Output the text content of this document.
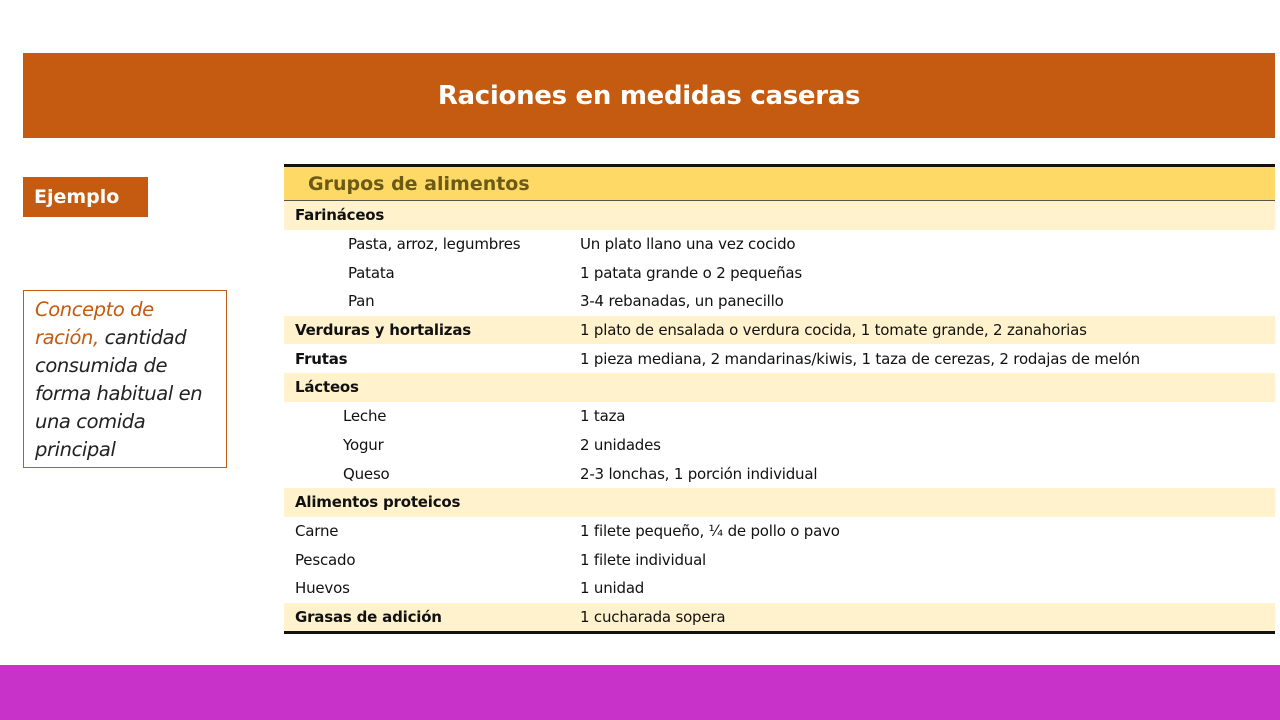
Raciones en medidas caseras
Ejemplo
Concepto de ración, cantidad consumida de forma habitual en una comida principal
Grupos de alimentos
Farináceos
Pasta, arroz, legumbres	Un plato llano una vez cocido
Patata	1 patata grande o 2 pequeñas
Pan	3-4 rebanadas, un panecillo
Verduras y hortalizas	1 plato de ensalada o verdura cocida, 1 tomate grande, 2 zanahorias
Frutas	1 pieza mediana, 2 mandarinas/kiwis, 1 taza de cerezas, 2 rodajas de melón
Lácteos
Leche	1 taza
Yogur	2 unidades
Queso	2-3 lonchas, 1 porción individual
Alimentos proteicos
Carne	1 filete pequeño, ¼ de pollo o pavo
Pescado	1 filete individual
Huevos	1 unidad
Grasas de adición	1 cucharada sopera
